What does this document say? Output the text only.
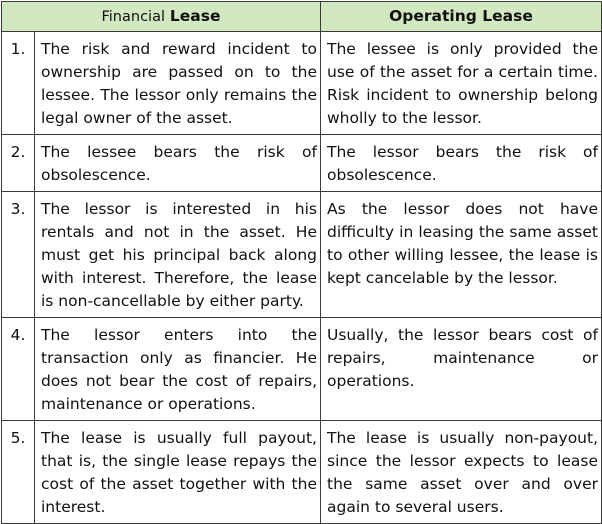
Financial Lease		Operating Lease
1.	The risk and reward incident to ownership are passed on to the lessee. The lessor only remains the legal owner of the asset.	The lessee is only provided the use of the asset for a certain time. Risk incident to ownership belong wholly to the lessor.
2.	The lessee bears the risk of obsolescence.	The lessor bears the risk of obsolescence.
3.	The lessor is interested in his rentals and not in the asset. He must get his principal back along with interest. Therefore, the lease is non-cancellable by either party.	As the lessor does not have difficulty in leasing the same asset to other willing lessee, the lease is kept cancelable by the lessor.
4.	The lessor enters into the transaction only as financier. He does not bear the cost of repairs, maintenance or operations.	Usually, the lessor bears cost of repairs, maintenance or operations.
5.	The lease is usually full payout, that is, the single lease repays the cost of the asset together with the interest.	The lease is usually non-payout, since the lessor expects to lease the same asset over and over again to several users.
